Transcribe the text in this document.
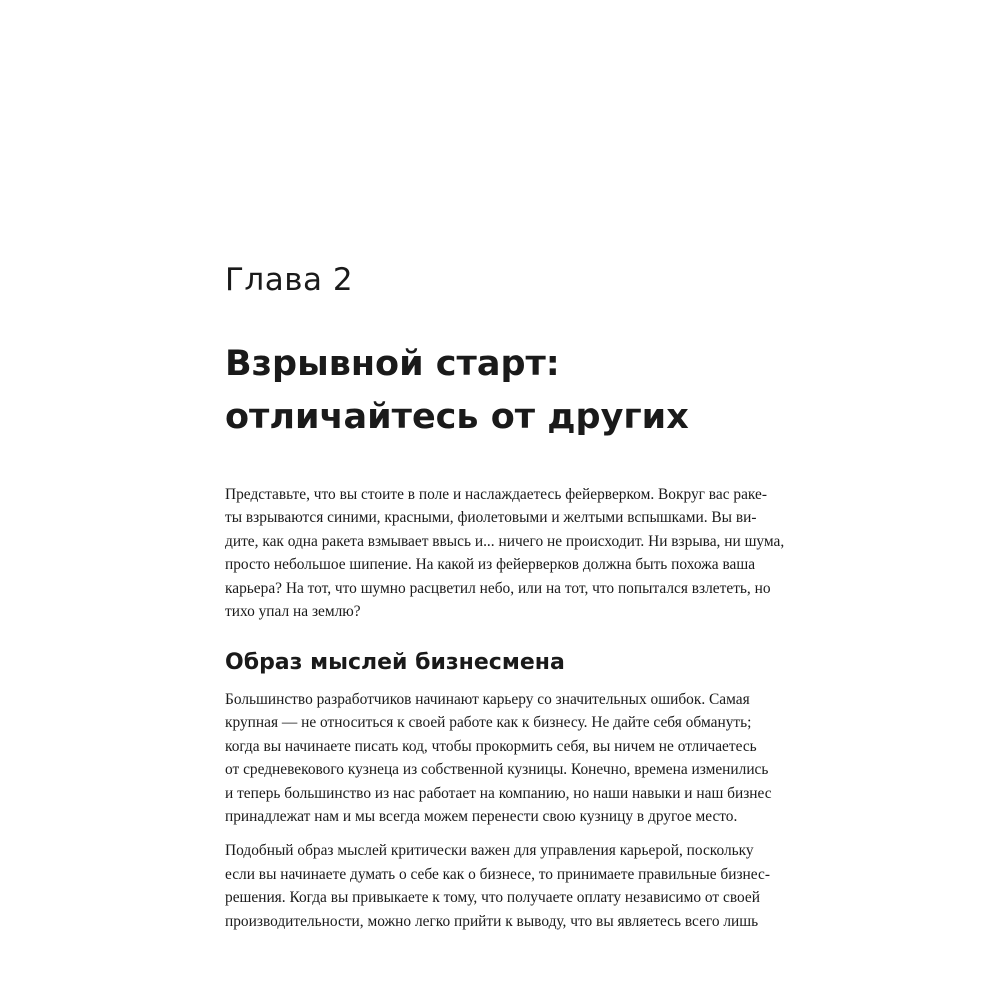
Глава 2
Взрывной старт:
отличайтесь от других

Представьте, что вы стоите в поле и наслаждаетесь фейерверком. Вокруг вас раке-
ты взрываются синими, красными, фиолетовыми и желтыми вспышками. Вы ви-
дите, как одна ракета взмывает ввысь и... ничего не происходит. Ни взрыва, ни шума,
просто небольшое шипение. На какой из фейерверков должна быть похожа ваша
карьера? На тот, что шумно расцветил небо, или на тот, что попытался взлететь, но
тихо упал на землю?

Образ мыслей бизнесмена

Большинство разработчиков начинают карьеру со значительных ошибок. Самая
крупная — не относиться к своей работе как к бизнесу. Не дайте себя обмануть;
когда вы начинаете писать код, чтобы прокормить себя, вы ничем не отличаетесь
от средневекового кузнеца из собственной кузницы. Конечно, времена изменились
и теперь большинство из нас работает на компанию, но наши навыки и наш бизнес
принадлежат нам и мы всегда можем перенести свою кузницу в другое место.

Подобный образ мыслей критически важен для управления карьерой, поскольку
если вы начинаете думать о себе как о бизнесе, то принимаете правильные бизнес-
решения. Когда вы привыкаете к тому, что получаете оплату независимо от своей
производительности, можно легко прийти к выводу, что вы являетесь всего лишь
